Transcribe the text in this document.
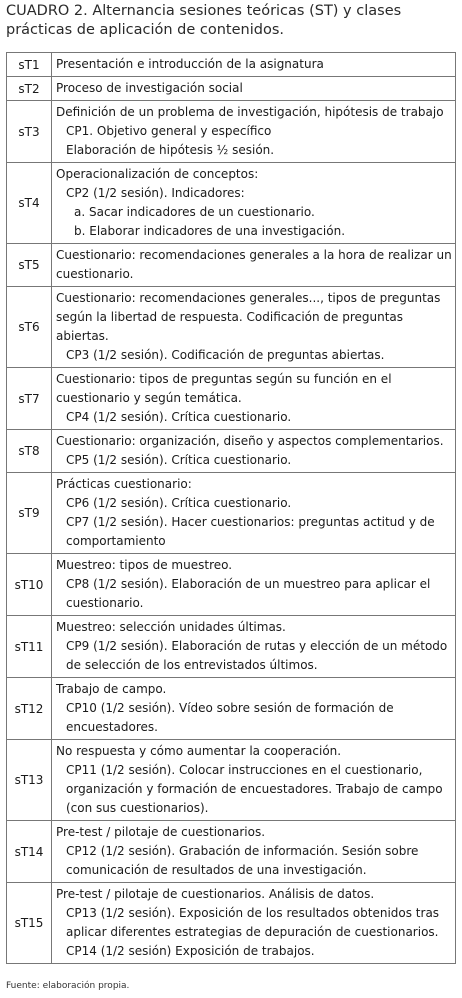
CUADRO 2. Alternancia sesiones teóricas (ST) y clases
prácticas de aplicación de contenidos.
sT1	Presentación e introducción de la asignatura
sT2	Proceso de investigación social
sT3
Definición de un problema de investigación, hipótesis de trabajo
CP1. Objetivo general y específico
Elaboración de hipótesis ½ sesión.
sT4
Operacionalización de conceptos:
CP2 (1/2 sesión). Indicadores:
a. Sacar indicadores de un cuestionario.
b. Elaborar indicadores de una investigación.
sT5
Cuestionario: recomendaciones generales a la hora de realizar un
cuestionario.
sT6
Cuestionario: recomendaciones generales..., tipos de preguntas
según la libertad de respuesta. Codificación de preguntas
abiertas.
CP3 (1/2 sesión). Codificación de preguntas abiertas.
sT7
Cuestionario: tipos de preguntas según su función en el
cuestionario y según temática.
CP4 (1/2 sesión). Crítica cuestionario.
sT8
Cuestionario: organización, diseño y aspectos complementarios.
CP5 (1/2 sesión). Crítica cuestionario.
sT9
Prácticas cuestionario:
CP6 (1/2 sesión). Crítica cuestionario.
CP7 (1/2 sesión). Hacer cuestionarios: preguntas actitud y de
comportamiento
sT10
Muestreo: tipos de muestreo.
CP8 (1/2 sesión). Elaboración de un muestreo para aplicar el
cuestionario.
sT11
Muestreo: selección unidades últimas.
CP9 (1/2 sesión). Elaboración de rutas y elección de un método
de selección de los entrevistados últimos.
sT12
Trabajo de campo.
CP10 (1/2 sesión). Vídeo sobre sesión de formación de
encuestadores.
sT13
No respuesta y cómo aumentar la cooperación.
CP11 (1/2 sesión). Colocar instrucciones en el cuestionario,
organización y formación de encuestadores. Trabajo de campo
(con sus cuestionarios).
sT14
Pre-test / pilotaje de cuestionarios.
CP12 (1/2 sesión). Grabación de información. Sesión sobre
comunicación de resultados de una investigación.
sT15
Pre-test / pilotaje de cuestionarios. Análisis de datos.
CP13 (1/2 sesión). Exposición de los resultados obtenidos tras
aplicar diferentes estrategias de depuración de cuestionarios.
CP14 (1/2 sesión) Exposición de trabajos.
Fuente: elaboración propia.
